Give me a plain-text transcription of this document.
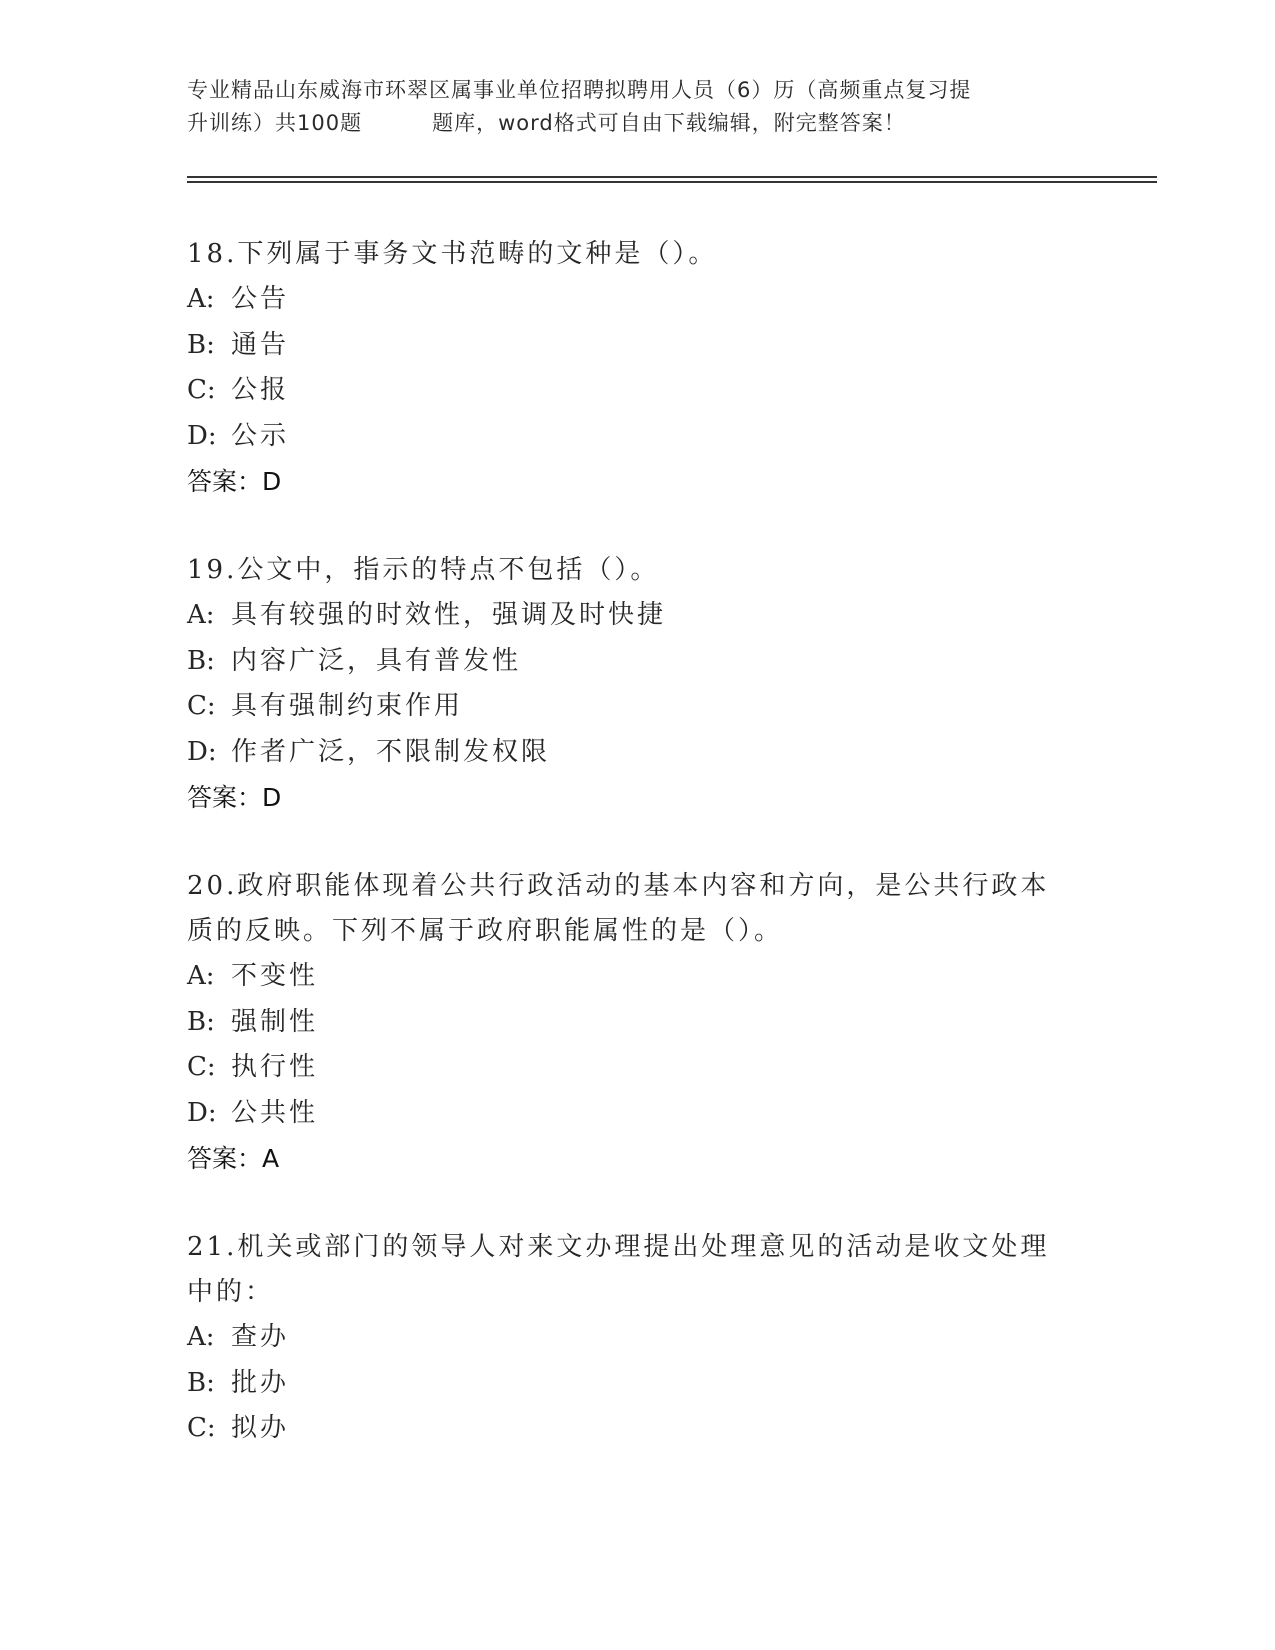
专业精品山东威海市环翠区属事业单位招聘拟聘用人员（6）历（高频重点复习提
升训练）共100题	题库，word格式可自由下载编辑，附完整答案！
18.下列属于事务文书范畴的文种是（）。
A: 公告
B: 通告
C: 公报
D: 公示
答案：D
19.公文中，指示的特点不包括（）。
A: 具有较强的时效性，强调及时快捷
B: 内容广泛，具有普发性
C: 具有强制约束作用
D: 作者广泛，不限制发权限
答案：D
20.政府职能体现着公共行政活动的基本内容和方向，是公共行政本质的反映。下列不属于政府职能属性的是（）。
A: 不变性
B: 强制性
C: 执行性
D: 公共性
答案：A
21.机关或部门的领导人对来文办理提出处理意见的活动是收文处理中的：
A: 查办
B: 批办
C: 拟办
